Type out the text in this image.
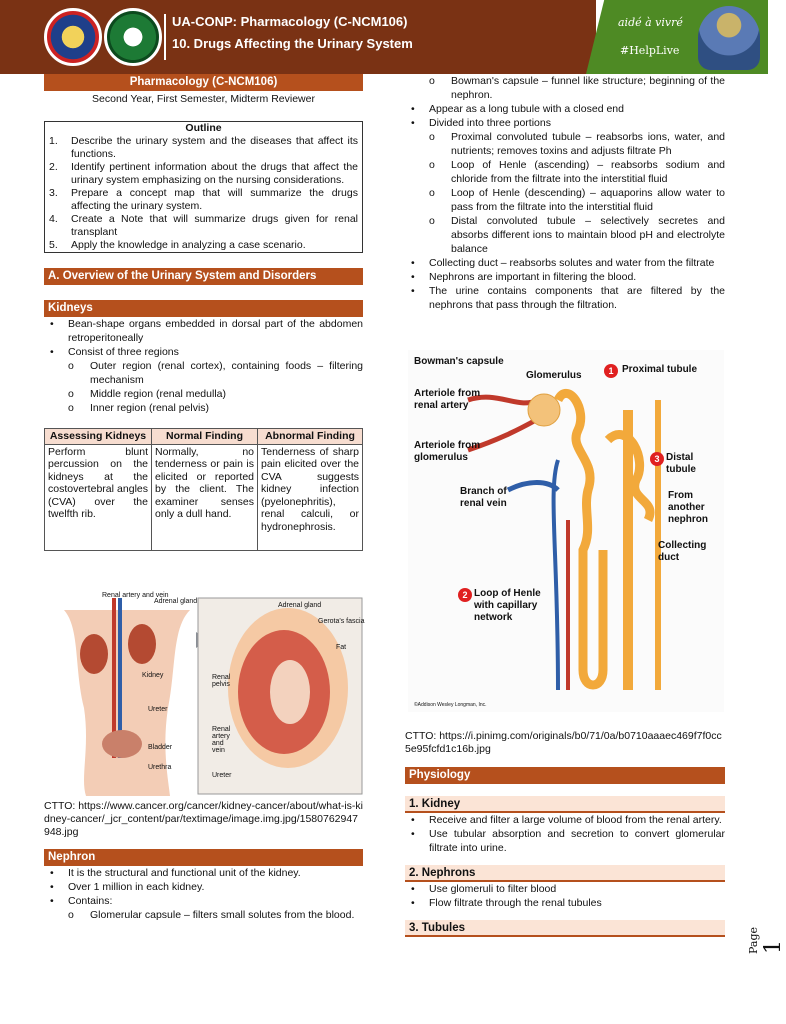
UA-CONP: Pharmacology (C-NCM106)
10. Drugs Affecting the Urinary System
aidé à vivré
#HelpLive
Pharmacology (C-NCM106)
Second Year, First Semester, Midterm Reviewer
Outline
1.	Describe the urinary system and the diseases that affect its functions.
2.	Identify pertinent information about the drugs that affect the urinary system emphasizing on the nursing considerations.
3.	Prepare a concept map that will summarize the drugs affecting the urinary system.
4.	Create a Note that will summarize drugs given for renal transplant
5.	Apply the knowledge in analyzing a case scenario.
A. Overview of the Urinary System and Disorders
Kidneys
•	Bean-shape organs embedded in dorsal part of the abdomen retroperitoneally
•	Consist of three regions
o	Outer region (renal cortex), containing foods – filtering mechanism
o	Middle region (renal medulla)
o	Inner region (renal pelvis)
Assessing Kidneys	Normal Finding	Abnormal Finding
Perform blunt percussion on the kidneys at the costovertebral angles (CVA) over the twelfth rib.	Normally, no tenderness or pain is elicited or reported by the client. The examiner senses only a dull hand.	Tenderness of sharp pain elicited over the CVA suggests kidney infection (pyelonephritis), renal calculi, or hydronephrosis.
Renal artery and vein
Adrenal gland
Kidney
Ureter
Bladder
Urethra
Adrenal gland
Gerota's fascia
Fat
Renal pelvis
Renal artery and vein
Ureter
CTTO: https://www.cancer.org/cancer/kidney-cancer/about/what-is-kidney-cancer/_jcr_content/par/textimage/image.img.jpg/1580762947948.jpg
Nephron
•	It is the structural and functional unit of the kidney.
•	Over 1 million in each kidney.
•	Contains:
o	Glomerular capsule – filters small solutes from the blood.
o	Bowman's capsule – funnel like structure; beginning of the nephron.
•	Appear as a long tubule with a closed end
•	Divided into three portions
o	Proximal convoluted tubule – reabsorbs ions, water, and nutrients; removes toxins and adjusts filtrate Ph
o	Loop of Henle (ascending) – reabsorbs sodium and chloride from the filtrate into the interstitial fluid
o	Loop of Henle (descending) – aquaporins allow water to pass from the filtrate into the interstitial fluid
o	Distal convoluted tubule – selectively secretes and absorbs different ions to maintain blood pH and electrolyte balance
•	Collecting duct – reabsorbs solutes and water from the filtrate
•	Nephrons are important in filtering the blood.
•	The urine contains components that are filtered by the nephrons that pass through the filtration.
Bowman's capsule
Glomerulus	1 Proximal tubule
Arteriole from renal artery
Arteriole from glomerulus	3 Distal tubule
Branch of renal vein
From another nephron
Collecting duct
2 Loop of Henle with capillary network
©Addison Wesley Longman, Inc.
CTTO: https://i.pinimg.com/originals/b0/71/0a/b0710aaaec469f7f0cc5e95fcfd1c16b.jpg
Physiology
1. Kidney
•	Receive and filter a large volume of blood from the renal artery.
•	Use tubular absorption and secretion to convert glomerular filtrate into urine.
2. Nephrons
•	Use glomeruli to filter blood
•	Flow filtrate through the renal tubules
3. Tubules	Page 1
